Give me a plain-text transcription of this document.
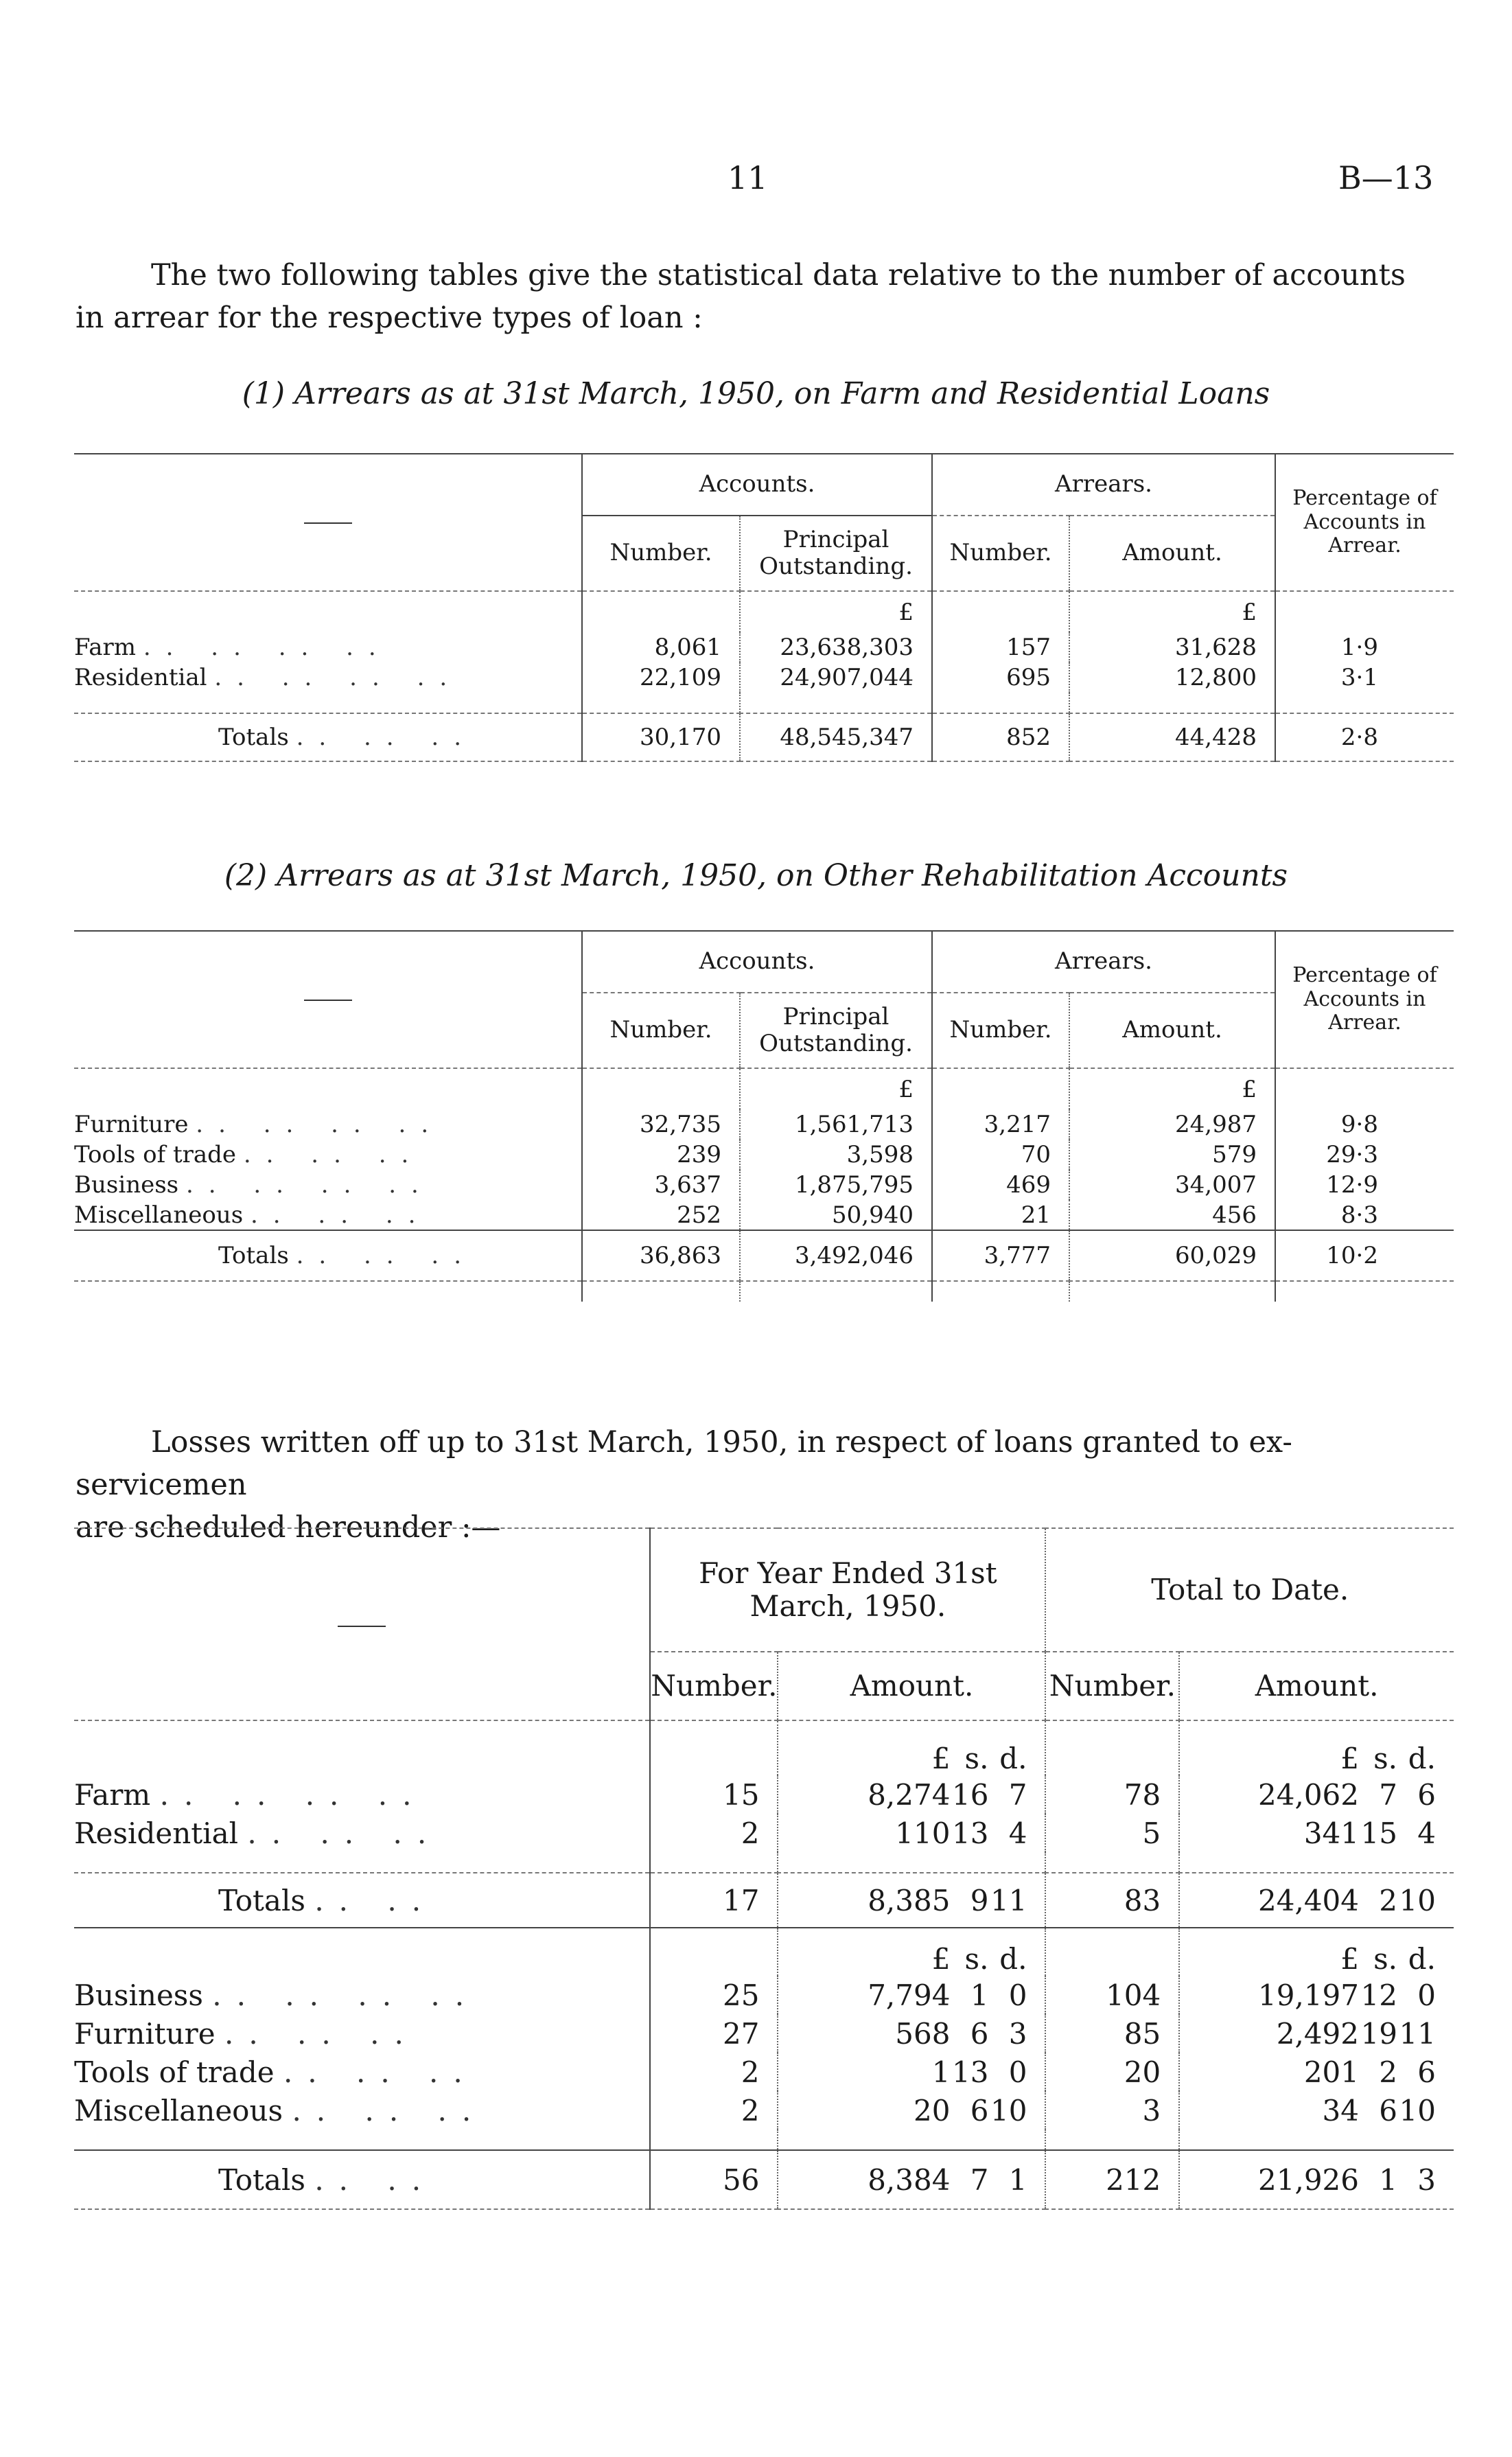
11	B—13
The two following tables give the statistical data relative to the number of accounts
in arrear for the respective types of loan :
(1) Arrears as at 31st March, 1950, on Farm and Residential Loans
	Accounts.		Arrears.		Percentage of Accounts in Arrear.
	Number.	Principal Outstanding.	Number.	Amount.	
		£		£	
Farm .. .. .. ..	8,061	23,638,303	157	31,628	1·9
Residential .. .. .. ..	22,109	24,907,044	695	12,800	3·1

Totals .. .. ..	30,170	48,545,347	852	44,428	2·8
(2) Arrears as at 31st March, 1950, on Other Rehabilitation Accounts
	Accounts.		Arrears.		Percentage of Accounts in Arrear.
	Number.	Principal Outstanding.	Number.	Amount.	
		£		£	
Furniture .. .. .. ..	32,735	1,561,713	3,217	24,987	9·8
Tools of trade .. .. ..	239	3,598	70	579	29·3
Business .. .. .. ..	3,637	1,875,795	469	34,007	12·9
Miscellaneous .. .. ..	252	50,940	21	456	8·3
Totals .. .. ..	36,863	3,492,046	3,777	60,029	10·2

Losses written off up to 31st March, 1950, in respect of loans granted to ex-servicemen
are scheduled hereunder :—
	For Year Ended 31st March, 1950.		Total to Date.	
	Number.	Amount.	Number.	Amount.
		£ s. d.		£ s. d.
Farm .. .. .. ..	15	8,27416 7	78	24,062 7 6
Residential .. .. ..	2	11013 4	5	34115 4

Totals .. ..	17	8,385 911	83	24,404 210
		£ s. d.		£ s. d.
Business .. .. .. ..	25	7,794 1 0	104	19,19712 0
Furniture .. .. ..	27	568 6 3	85	2,4921911
Tools of trade .. .. ..	2	113 0	20	201 2 6
Miscellaneous .. .. ..	2	20 610	3	34 610

Totals .. ..	56	8,384 7 1	212	21,926 1 3
